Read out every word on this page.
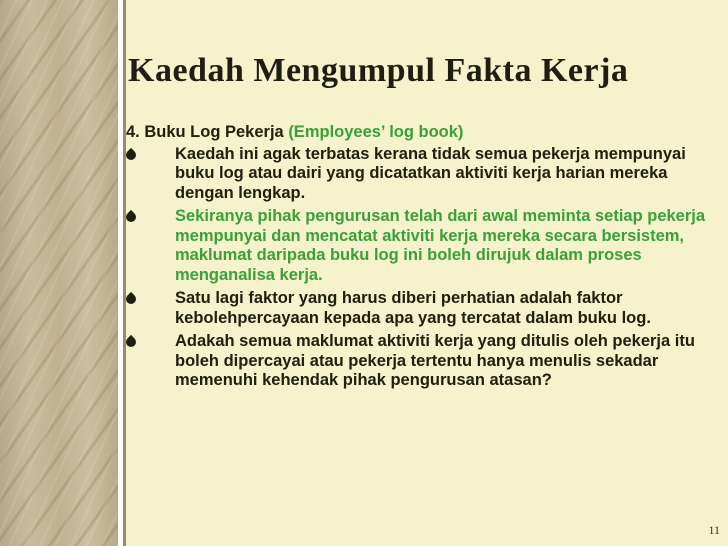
Kaedah Mengumpul Fakta Kerja
4. Buku Log Pekerja (Employees’ log book)
Kaedah ini agak terbatas kerana tidak semua pekerja mempunyai buku log atau dairi yang dicatatkan aktiviti kerja harian mereka dengan lengkap.
Sekiranya pihak pengurusan telah dari awal meminta setiap pekerja mempunyai dan mencatat aktiviti kerja mereka secara bersistem, maklumat daripada buku log ini boleh dirujuk dalam proses menganalisa kerja.
Satu lagi faktor yang harus diberi perhatian adalah faktor kebolehpercayaan kepada apa yang tercatat dalam buku log.
Adakah semua maklumat aktiviti kerja yang ditulis oleh pekerja itu boleh dipercayai atau pekerja tertentu hanya menulis sekadar memenuhi kehendak pihak pengurusan atasan?
11
